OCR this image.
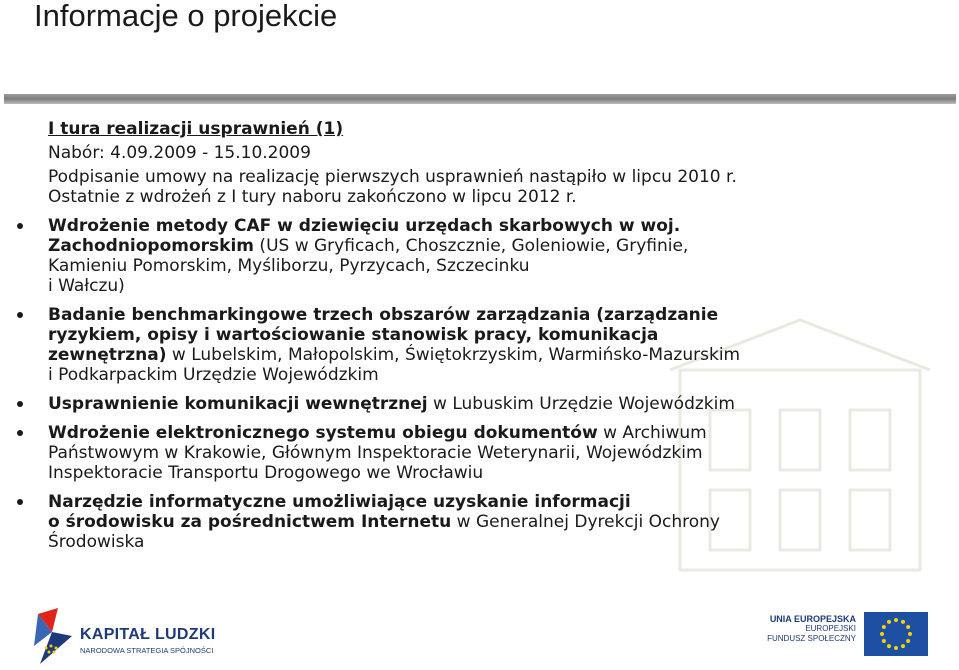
Informacje o projekcie
I tura realizacji usprawnień (1)
Nabór: 4.09.2009 - 15.10.2009
Podpisanie umowy na realizację pierwszych usprawnień nastąpiło w lipcu 2010 r.
Ostatnie z wdrożeń z I tury naboru zakończono w lipcu 2012 r.
Wdrożenie metody CAF w dziewięciu urzędach skarbowych w woj.
Zachodniopomorskim (US w Gryficach, Choszcznie, Goleniowie, Gryfinie,
Kamieniu Pomorskim, Myśliborzu, Pyrzycach, Szczecinku
i Wałczu)
Badanie benchmarkingowe trzech obszarów zarządzania (zarządzanie
ryzykiem, opisy i wartościowanie stanowisk pracy, komunikacja
zewnętrzna) w Lubelskim, Małopolskim, Świętokrzyskim, Warmińsko-Mazurskim
i Podkarpackim Urzędzie Wojewódzkim
Usprawnienie komunikacji wewnętrznej w Lubuskim Urzędzie Wojewódzkim
Wdrożenie elektronicznego systemu obiegu dokumentów w Archiwum
Państwowym w Krakowie, Głównym Inspektoracie Weterynarii, Wojewódzkim
Inspektoracie Transportu Drogowego we Wrocławiu
Narzędzie informatyczne umożliwiające uzyskanie informacji
o środowisku za pośrednictwem Internetu w Generalnej Dyrekcji Ochrony
Środowiska
KAPITAŁ LUDZKI
NARODOWA STRATEGIA SPÓJNOŚCI
UNIA EUROPEJSKA
EUROPEJSKI
FUNDUSZ SPOŁECZNY
